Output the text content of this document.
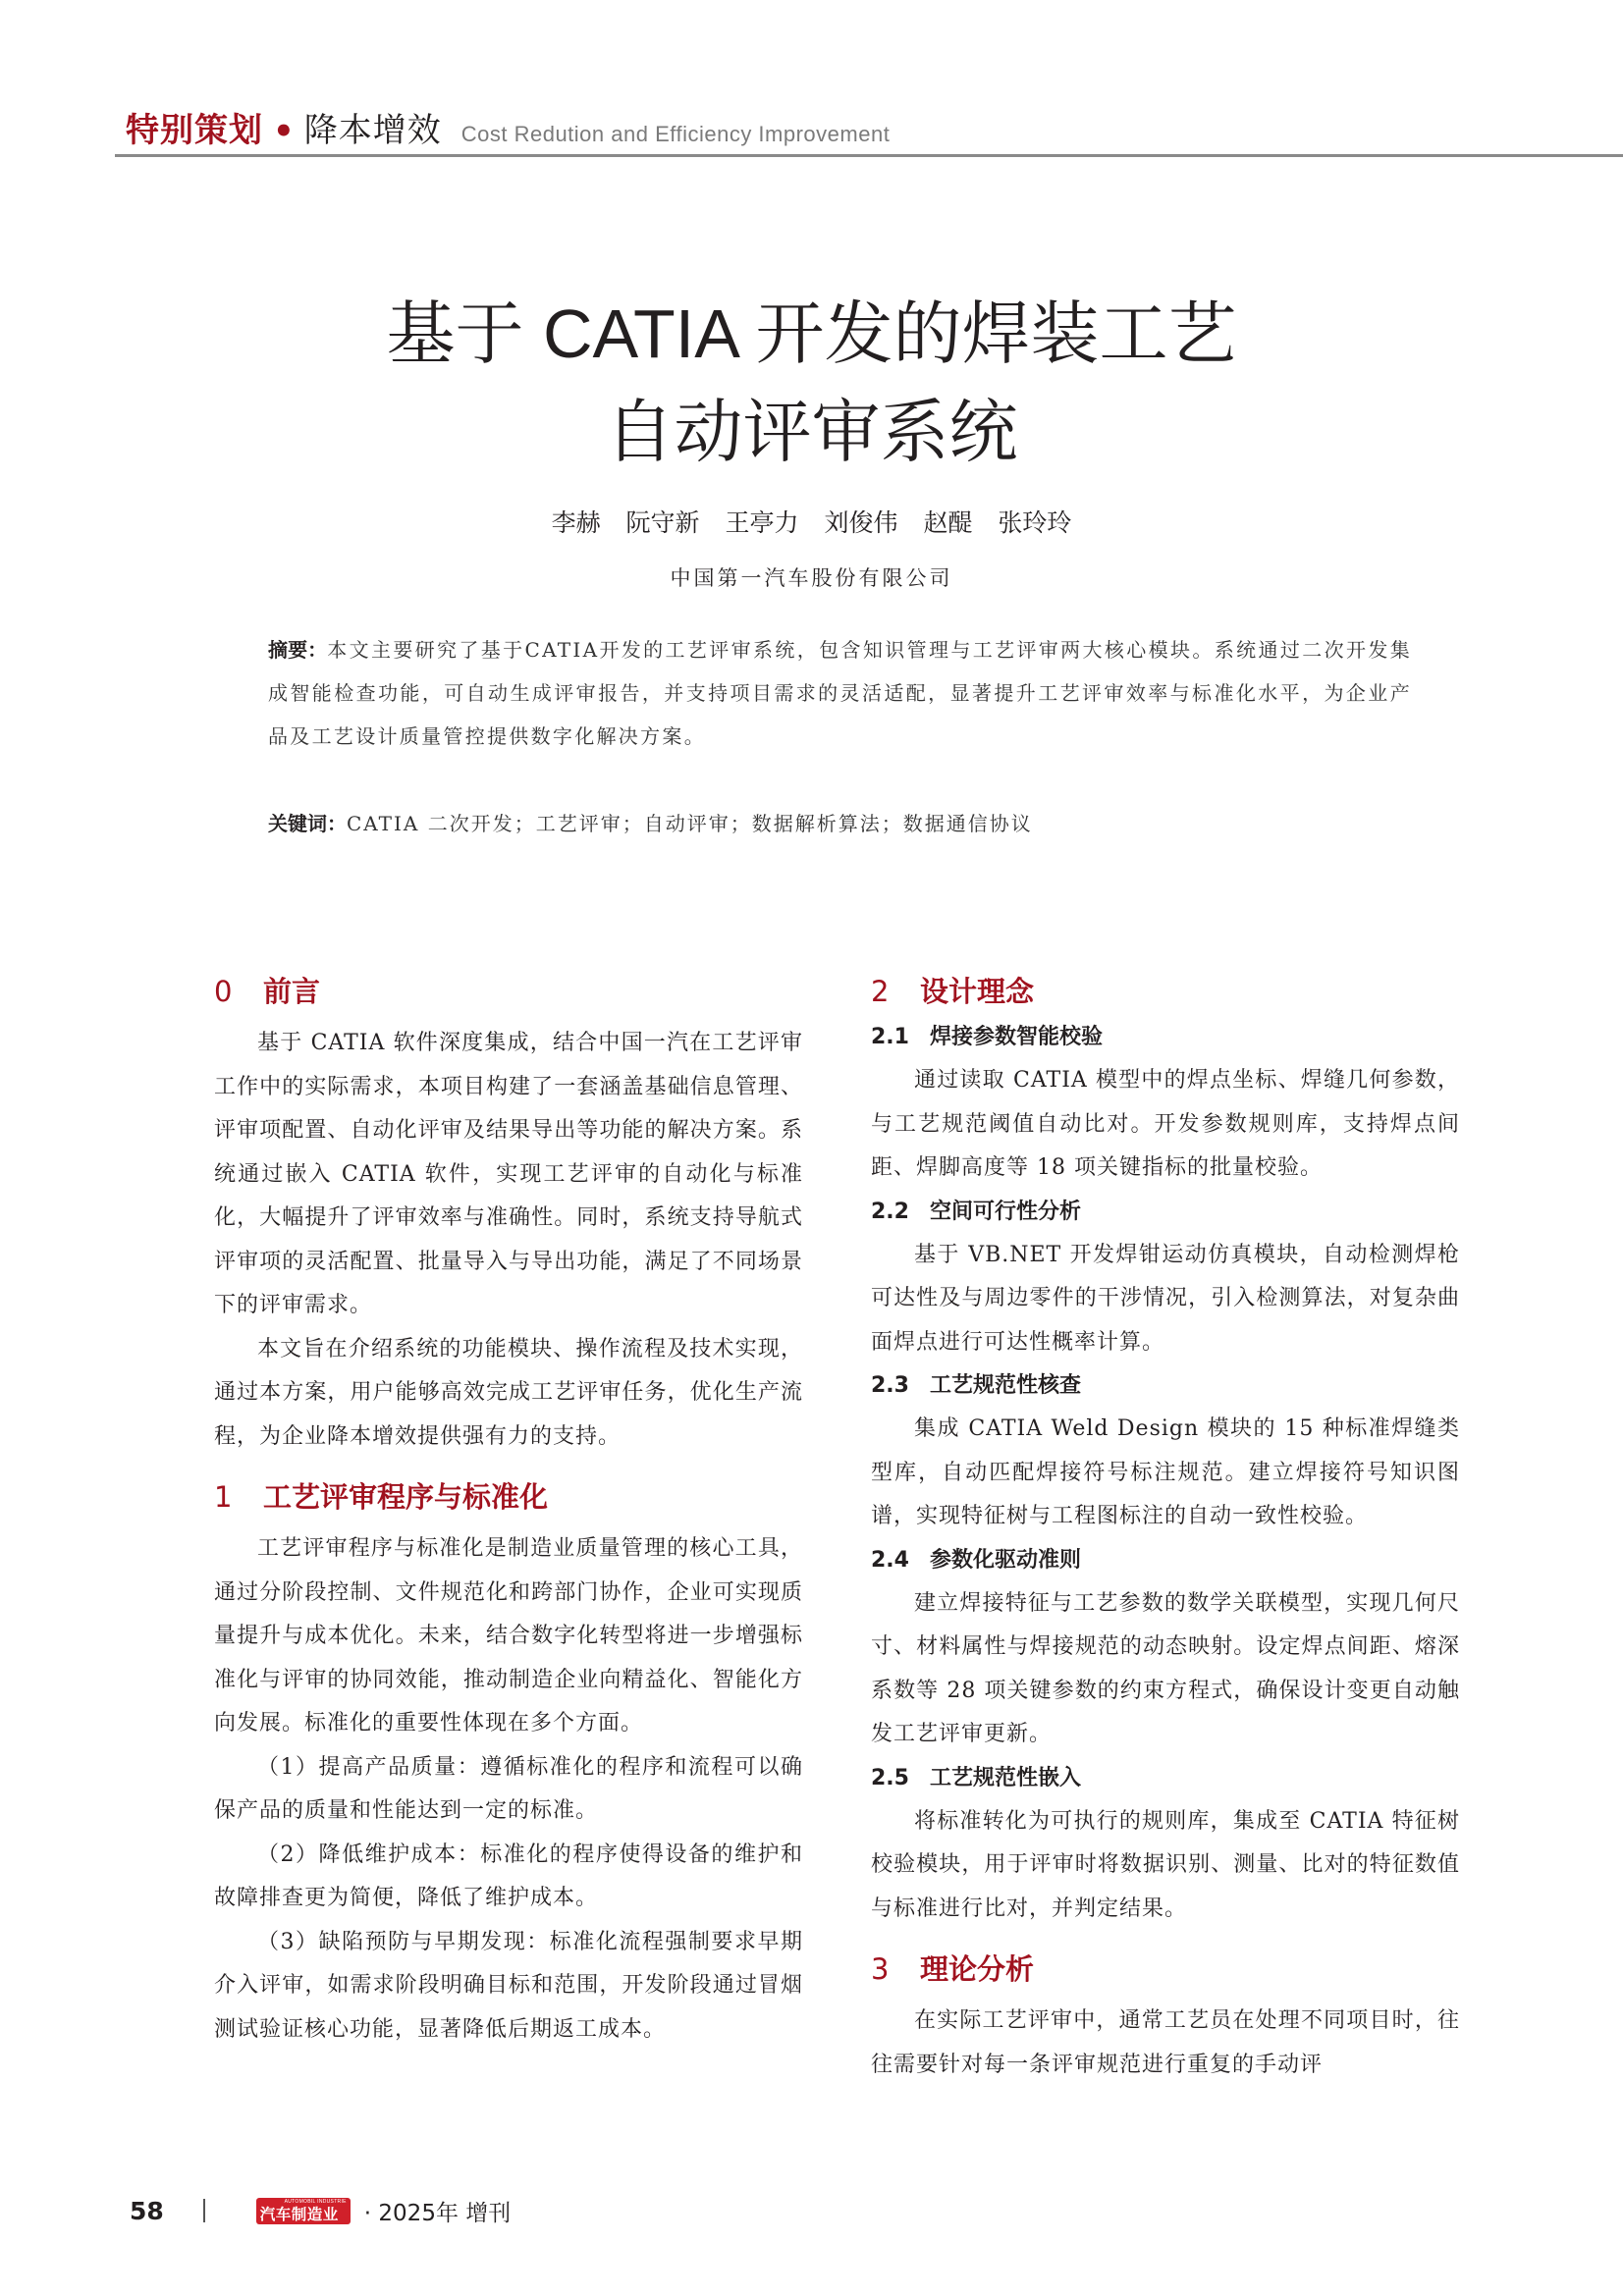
特别策划 • 降本增效 Cost Redution and Efficiency Improvement
基于 CATIA 开发的焊装工艺
自动评审系统
李赫 阮守新 王亭力 刘俊伟 赵醍 张玲玲
中国第一汽车股份有限公司
摘要：本文主要研究了基于CATIA开发的工艺评审系统，包含知识管理与工艺评审两大核心模块。系统通过二次开发集成智能检查功能，可自动生成评审报告，并支持项目需求的灵活适配，显著提升工艺评审效率与标准化水平，为企业产品及工艺设计质量管控提供数字化解决方案。
关键词：CATIA 二次开发；工艺评审；自动评审；数据解析算法；数据通信协议
0 前言

基于 CATIA 软件深度集成，结合中国一汽在工艺评审工作中的实际需求，本项目构建了一套涵盖基础信息管理、评审项配置、自动化评审及结果导出等功能的解决方案。系统通过嵌入 CATIA 软件，实现工艺评审的自动化与标准化，大幅提升了评审效率与准确性。同时，系统支持导航式评审项的灵活配置、批量导入与导出功能，满足了不同场景下的评审需求。

本文旨在介绍系统的功能模块、操作流程及技术实现，通过本方案，用户能够高效完成工艺评审任务，优化生产流程，为企业降本增效提供强有力的支持。

1 工艺评审程序与标准化

工艺评审程序与标准化是制造业质量管理的核心工具，通过分阶段控制、文件规范化和跨部门协作，企业可实现质量提升与成本优化。未来，结合数字化转型将进一步增强标准化与评审的协同效能，推动制造企业向精益化、智能化方向发展。标准化的重要性体现在多个方面。

（1）提高产品质量：遵循标准化的程序和流程可以确保产品的质量和性能达到一定的标准。

（2）降低维护成本：标准化的程序使得设备的维护和故障排查更为简便，降低了维护成本。

（3）缺陷预防与早期发现：标准化流程强制要求早期介入评审，如需求阶段明确目标和范围，开发阶段通过冒烟测试验证核心功能，显著降低后期返工成本。

2 设计理念
2.1 焊接参数智能校验

通过读取 CATIA 模型中的焊点坐标、焊缝几何参数，与工艺规范阈值自动比对。开发参数规则库，支持焊点间距、焊脚高度等 18 项关键指标的批量校验。

2.2 空间可行性分析

基于 VB.NET 开发焊钳运动仿真模块，自动检测焊枪可达性及与周边零件的干涉情况，引入检测算法，对复杂曲面焊点进行可达性概率计算。

2.3 工艺规范性核查

集成 CATIA Weld Design 模块的 15 种标准焊缝类型库，自动匹配焊接符号标注规范。建立焊接符号知识图谱，实现特征树与工程图标注的自动一致性校验。

2.4 参数化驱动准则

建立焊接特征与工艺参数的数学关联模型，实现几何尺寸、材料属性与焊接规范的动态映射。设定焊点间距、熔深系数等 28 项关键参数的约束方程式，确保设计变更自动触发工艺评审更新。

2.5 工艺规范性嵌入

将标准转化为可执行的规则库，集成至 CATIA 特征树校验模块，用于评审时将数据识别、测量、比对的特征数值与标准进行比对，并判定结果。

3 理论分析

在实际工艺评审中，通常工艺员在处理不同项目时，往往需要针对每一条评审规范进行重复的手动评

58	AUTOMOBIL INDUSTRIE
汽车制造业 · 2025年 增刊
